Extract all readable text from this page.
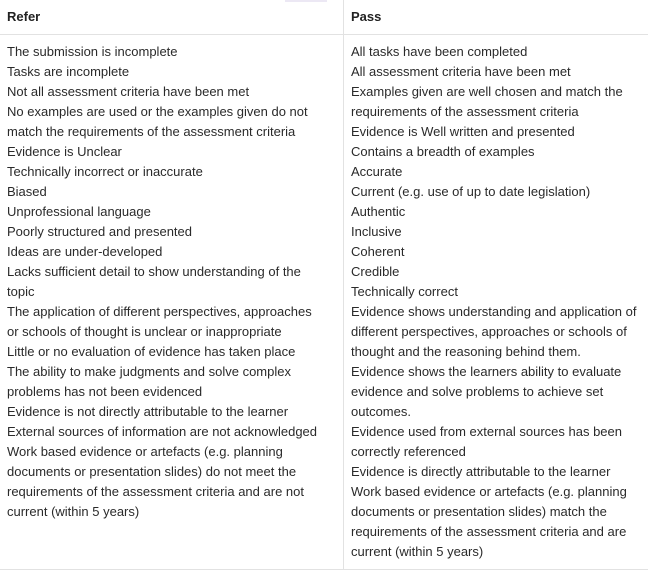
Refer	Pass
The submission is incomplete
Tasks are incomplete
Not all assessment criteria have been met
No examples are used or the examples given do not
match the requirements of the assessment criteria
Evidence is Unclear
Technically incorrect or inaccurate
Biased
Unprofessional language
Poorly structured and presented
Ideas are under-developed
Lacks sufficient detail to show understanding of the
topic
The application of different perspectives, approaches
or schools of thought is unclear or inappropriate
Little or no evaluation of evidence has taken place
The ability to make judgments and solve complex
problems has not been evidenced
Evidence is not directly attributable to the learner
External sources of information are not acknowledged
Work based evidence or artefacts (e.g. planning
documents or presentation slides) do not meet the
requirements of the assessment criteria and are not
current (within 5 years)
All tasks have been completed
All assessment criteria have been met
Examples given are well chosen and match the
requirements of the assessment criteria
Evidence is Well written and presented
Contains a breadth of examples
Accurate
Current (e.g. use of up to date legislation)
Authentic
Inclusive
Coherent
Credible
Technically correct
Evidence shows understanding and application of
different perspectives, approaches or schools of
thought and the reasoning behind them.
Evidence shows the learners ability to evaluate
evidence and solve problems to achieve set
outcomes.
Evidence used from external sources has been
correctly referenced
Evidence is directly attributable to the learner
Work based evidence or artefacts (e.g. planning
documents or presentation slides) match the
requirements of the assessment criteria and are
current (within 5 years)
